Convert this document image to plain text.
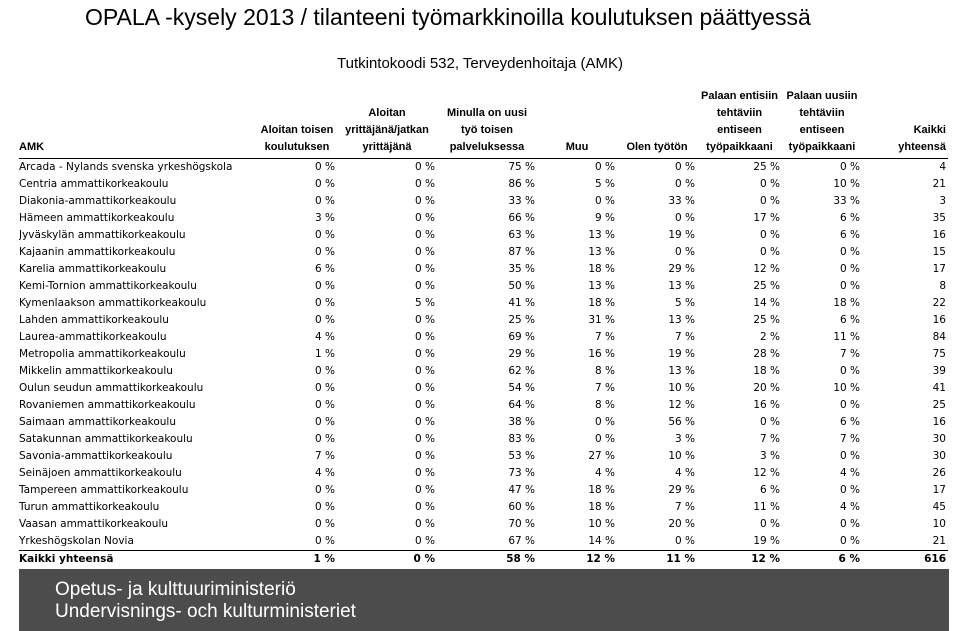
OPALA -kysely 2013 / tilanteeni työmarkkinoilla koulutuksen päättyessä
Tutkintokoodi 532, Terveydenhoitaja (AMK)
AMK	Aloitan toisen koulutuksen	Aloitan yrittäjänä/jatkan yrittäjänä	Minulla on uusi työ toisen palveluksessa	Muu	Olen työtön	Palaan entisiin tehtäviin entiseen työpaikkaani	Palaan uusiin tehtäviin entiseen työpaikkaani	Kaikki yhteensä
Arcada - Nylands svenska yrkeshögskola	0 %	0 %	75 %	0 %	0 %	25 %	0 %	4
Centria ammattikorkeakoulu	0 %	0 %	86 %	5 %	0 %	0 %	10 %	21
Diakonia-ammattikorkeakoulu	0 %	0 %	33 %	0 %	33 %	0 %	33 %	3
Hämeen ammattikorkeakoulu	3 %	0 %	66 %	9 %	0 %	17 %	6 %	35
Jyväskylän ammattikorkeakoulu	0 %	0 %	63 %	13 %	19 %	0 %	6 %	16
Kajaanin ammattikorkeakoulu	0 %	0 %	87 %	13 %	0 %	0 %	0 %	15
Karelia ammattikorkeakoulu	6 %	0 %	35 %	18 %	29 %	12 %	0 %	17
Kemi-Tornion ammattikorkeakoulu	0 %	0 %	50 %	13 %	13 %	25 %	0 %	8
Kymenlaakson ammattikorkeakoulu	0 %	5 %	41 %	18 %	5 %	14 %	18 %	22
Lahden ammattikorkeakoulu	0 %	0 %	25 %	31 %	13 %	25 %	6 %	16
Laurea-ammattikorkeakoulu	4 %	0 %	69 %	7 %	7 %	2 %	11 %	84
Metropolia ammattikorkeakoulu	1 %	0 %	29 %	16 %	19 %	28 %	7 %	75
Mikkelin ammattikorkeakoulu	0 %	0 %	62 %	8 %	13 %	18 %	0 %	39
Oulun seudun ammattikorkeakoulu	0 %	0 %	54 %	7 %	10 %	20 %	10 %	41
Rovaniemen ammattikorkeakoulu	0 %	0 %	64 %	8 %	12 %	16 %	0 %	25
Saimaan ammattikorkeakoulu	0 %	0 %	38 %	0 %	56 %	0 %	6 %	16
Satakunnan ammattikorkeakoulu	0 %	0 %	83 %	0 %	3 %	7 %	7 %	30
Savonia-ammattikorkeakoulu	7 %	0 %	53 %	27 %	10 %	3 %	0 %	30
Seinäjoen ammattikorkeakoulu	4 %	0 %	73 %	4 %	4 %	12 %	4 %	26
Tampereen ammattikorkeakoulu	0 %	0 %	47 %	18 %	29 %	6 %	0 %	17
Turun ammattikorkeakoulu	0 %	0 %	60 %	18 %	7 %	11 %	4 %	45
Vaasan ammattikorkeakoulu	0 %	0 %	70 %	10 %	20 %	0 %	0 %	10
Yrkeshögskolan Novia	0 %	0 %	67 %	14 %	0 %	19 %	0 %	21
Kaikki yhteensä	1 %	0 %	58 %	12 %	11 %	12 %	6 %	616
Opetus- ja kulttuuriministeriö
Undervisnings- och kulturministeriet
